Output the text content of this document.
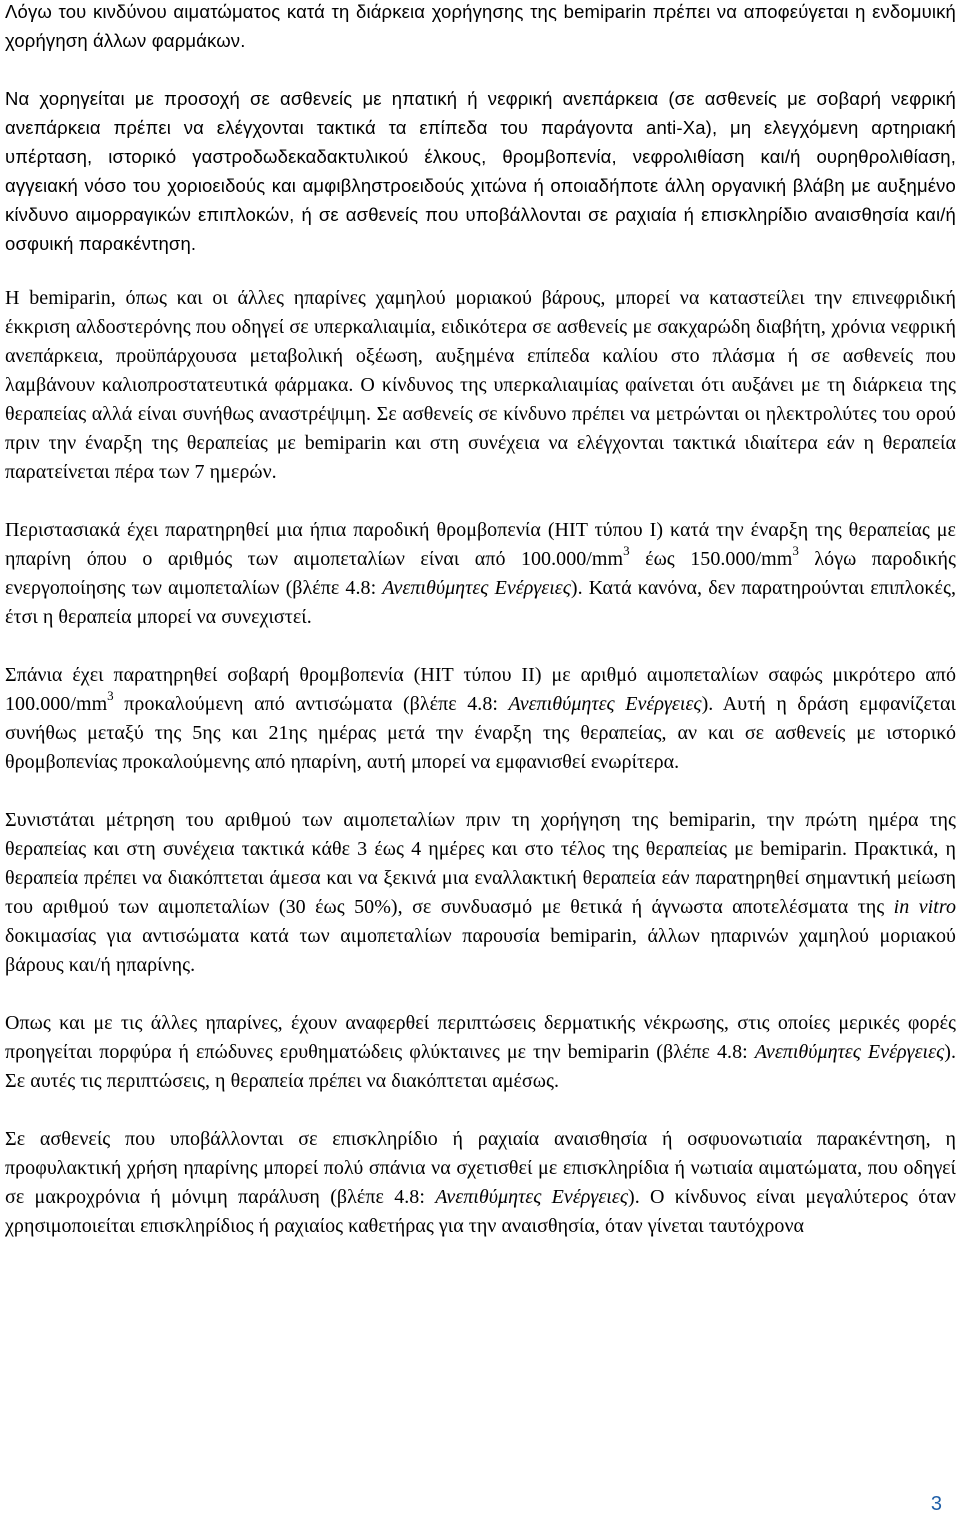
Λόγω του κινδύνου αιματώματος κατά τη διάρκεια χορήγησης της bemiparin πρέπει να αποφεύγεται η ενδομυική χορήγηση άλλων φαρμάκων.

Να χορηγείται με προσοχή σε ασθενείς με ηπατική ή νεφρική ανεπάρκεια (σε ασθενείς με σοβαρή νεφρική ανεπάρκεια πρέπει να ελέγχονται τακτικά τα επίπεδα του παράγοντα anti-Xa), μη ελεγχόμενη αρτηριακή υπέρταση, ιστορικό γαστροδωδεκαδακτυλικού έλκους, θρομβοπενία, νεφρολιθίαση και/ή ουρηθρολιθίαση, αγγειακή νόσο του χοριοειδούς και αμφιβληστροειδούς χιτώνα ή οποιαδήποτε άλλη οργανική βλάβη με αυξημένο κίνδυνο αιμορραγικών επιπλοκών, ή σε ασθενείς που υποβάλλονται σε ραχιαία ή επισκληρίδιο αναισθησία και/ή οσφυική παρακέντηση.

Η bemiparin, όπως και οι άλλες ηπαρίνες χαμηλού μοριακού βάρους, μπορεί να καταστείλει την επινεφριδική έκκριση αλδοστερόνης που οδηγεί σε υπερκαλιαιμία, ειδικότερα σε ασθενείς με σακχαρώδη διαβήτη, χρόνια νεφρική ανεπάρκεια, προϋπάρχουσα μεταβολική οξέωση, αυξημένα επίπεδα καλίου στο πλάσμα ή σε ασθενείς που λαμβάνουν καλιοπροστατευτικά φάρμακα. Ο κίνδυνος της υπερκαλιαιμίας φαίνεται ότι αυξάνει με τη διάρκεια της θεραπείας αλλά είναι συνήθως αναστρέψιμη. Σε ασθενείς σε κίνδυνο πρέπει να μετρώνται οι ηλεκτρολύτες του ορού πριν την έναρξη της θεραπείας με bemiparin και στη συνέχεια να ελέγχονται τακτικά ιδιαίτερα εάν η θεραπεία παρατείνεται πέρα των 7 ημερών.

Περιστασιακά έχει παρατηρηθεί μια ήπια παροδική θρομβοπενία (HIT τύπου I) κατά την έναρξη της θεραπείας με ηπαρίνη όπου ο αριθμός των αιμοπεταλίων είναι από $100.000/mm^3$ έως $150.000/mm^3$ λόγω παροδικής ενεργοποίησης των αιμοπεταλίων (βλέπε 4.8: Ανεπιθύμητες Ενέργειες). Κατά κανόνα, δεν παρατηρούνται επιπλοκές, έτσι η θεραπεία μπορεί να συνεχιστεί.

Σπάνια έχει παρατηρηθεί σοβαρή θρομβοπενία (HIT τύπου II) με αριθμό αιμοπεταλίων σαφώς μικρότερο από $100.000/mm^3$ προκαλούμενη από αντισώματα (βλέπε 4.8: Ανεπιθύμητες Ενέργειες). Αυτή η δράση εμφανίζεται συνήθως μεταξύ της 5ης και 21ης ημέρας μετά την έναρξη της θεραπείας, αν και σε ασθενείς με ιστορικό θρομβοπενίας προκαλούμενης από ηπαρίνη, αυτή μπορεί να εμφανισθεί ενωρίτερα.

Συνιστάται μέτρηση του αριθμού των αιμοπεταλίων πριν τη χορήγηση της bemiparin, την πρώτη ημέρα της θεραπείας και στη συνέχεια τακτικά κάθε 3 έως 4 ημέρες και στο τέλος της θεραπείας με bemiparin. Πρακτικά, η θεραπεία πρέπει να διακόπτεται άμεσα και να ξεκινά μια εναλλακτική θεραπεία εάν παρατηρηθεί σημαντική μείωση του αριθμού των αιμοπεταλίων (30 έως 50%), σε συνδυασμό με θετικά ή άγνωστα αποτελέσματα της in vitro δοκιμασίας για αντισώματα κατά των αιμοπεταλίων παρουσία bemiparin, άλλων ηπαρινών χαμηλού μοριακού βάρους και/ή ηπαρίνης.

Οπως και με τις άλλες ηπαρίνες, έχουν αναφερθεί περιπτώσεις δερματικής νέκρωσης, στις οποίες μερικές φορές προηγείται πορφύρα ή επώδυνες ερυθηματώδεις φλύκταινες με την bemiparin (βλέπε 4.8: Ανεπιθύμητες Ενέργειες). Σε αυτές τις περιπτώσεις, η θεραπεία πρέπει να διακόπτεται αμέσως.

Σε ασθενείς που υποβάλλονται σε επισκληρίδιο ή ραχιαία αναισθησία ή οσφυονωτιαία παρακέντηση, η προφυλακτική χρήση ηπαρίνης μπορεί πολύ σπάνια να σχετισθεί με επισκληρίδια ή νωτιαία αιματώματα, που οδηγεί σε μακροχρόνια ή μόνιμη παράλυση (βλέπε 4.8: Ανεπιθύμητες Ενέργειες). Ο κίνδυνος είναι μεγαλύτερος όταν χρησιμοποιείται επισκληρίδιος ή ραχιαίος καθετήρας για την αναισθησία, όταν γίνεται ταυτόχρονα

3
